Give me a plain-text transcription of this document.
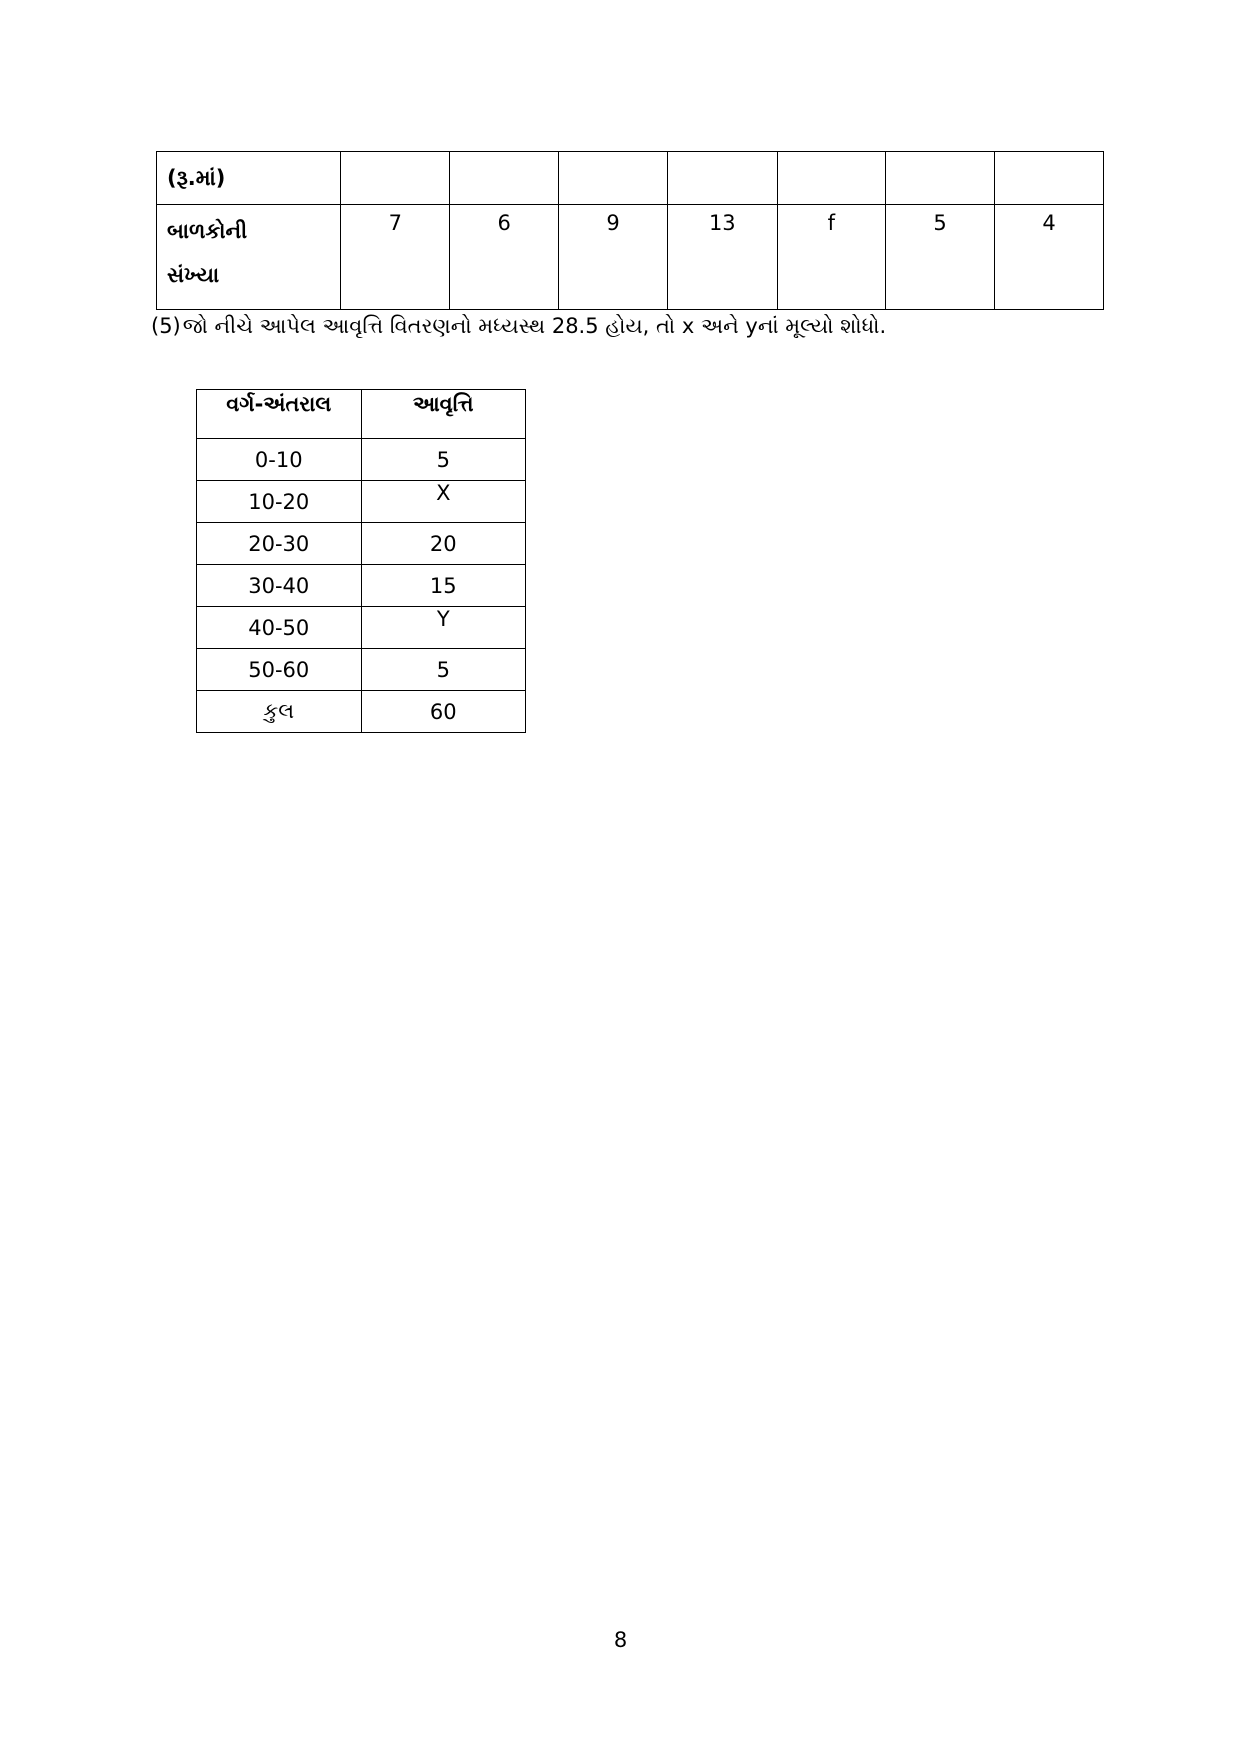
(રૂ.માં)							
બાળકોની
સંખ્યા	7	6	9	13	f	5	4

(5)જો નીચે આપેલ આવૃત્તિ વિતરણનો મધ્યસ્થ 28.5 હોય, તો x અને yનાં મૂલ્યો શોધો.

વર્ગ-અંતરાલ	આવૃત્તિ
0-10	5
10-20	X
20-30	20
30-40	15
40-50	Y
50-60	5
કુલ	60
8
